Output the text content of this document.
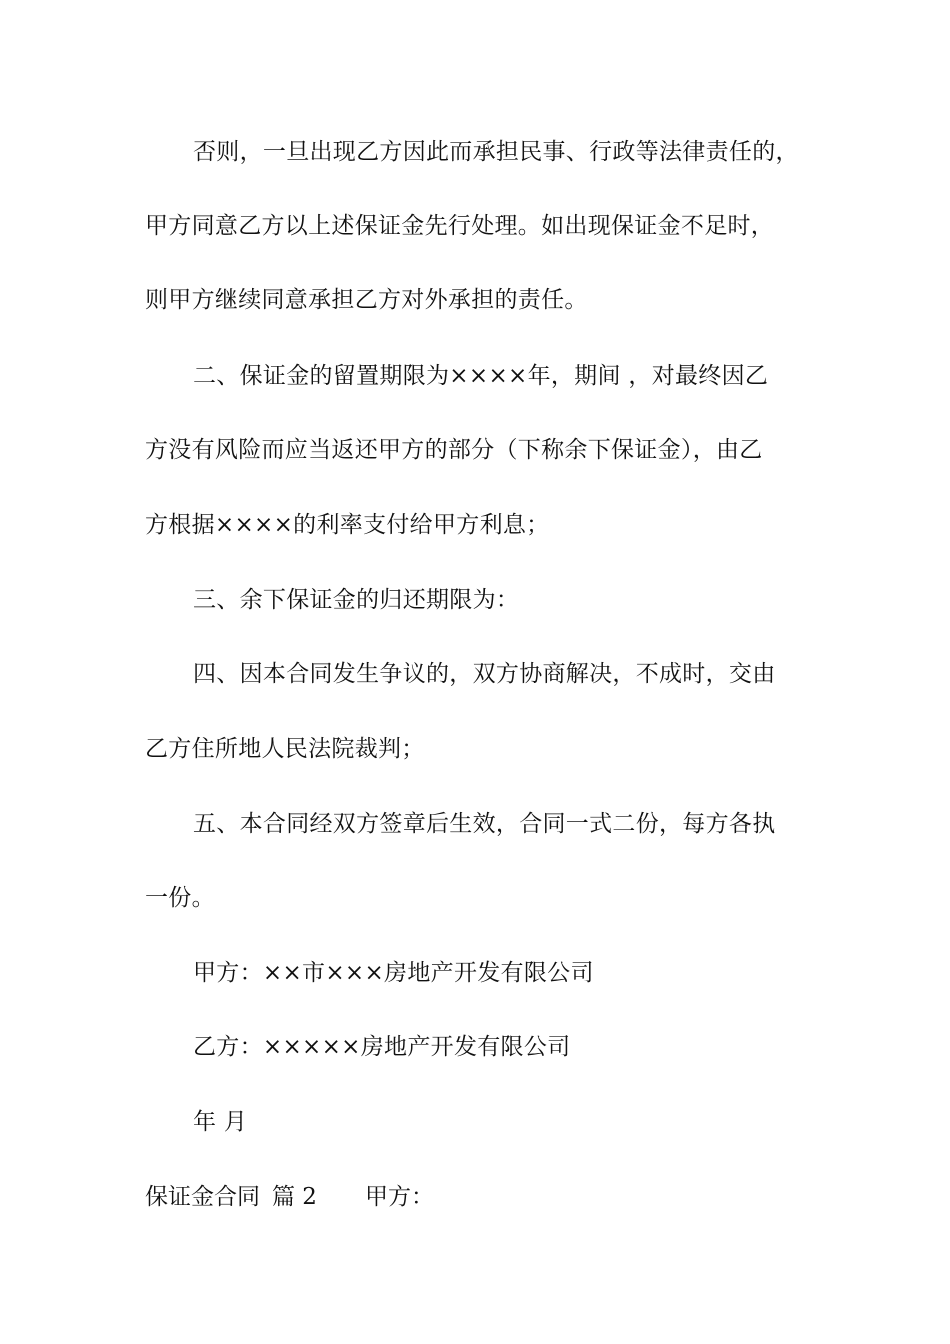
否则，一旦出现乙方因此而承担民事、行政等法律责任的，
甲方同意乙方以上述保证金先行处理。如出现保证金不足时，
则甲方继续同意承担乙方对外承担的责任。
二、保证金的留置期限为××××年，期间 ，对最终因乙
方没有风险而应当返还甲方的部分（下称余下保证金），由乙
方根据××××的利率支付给甲方利息；
三、余下保证金的归还期限为：
四、因本合同发生争议的，双方协商解决，不成时，交由
乙方住所地人民法院裁判；
五、本合同经双方签章后生效，合同一式二份，每方各执
一份。
甲方：××市×××房地产开发有限公司
乙方：×××××房地产开发有限公司
年 月
保证金合同 篇 2 甲方：
